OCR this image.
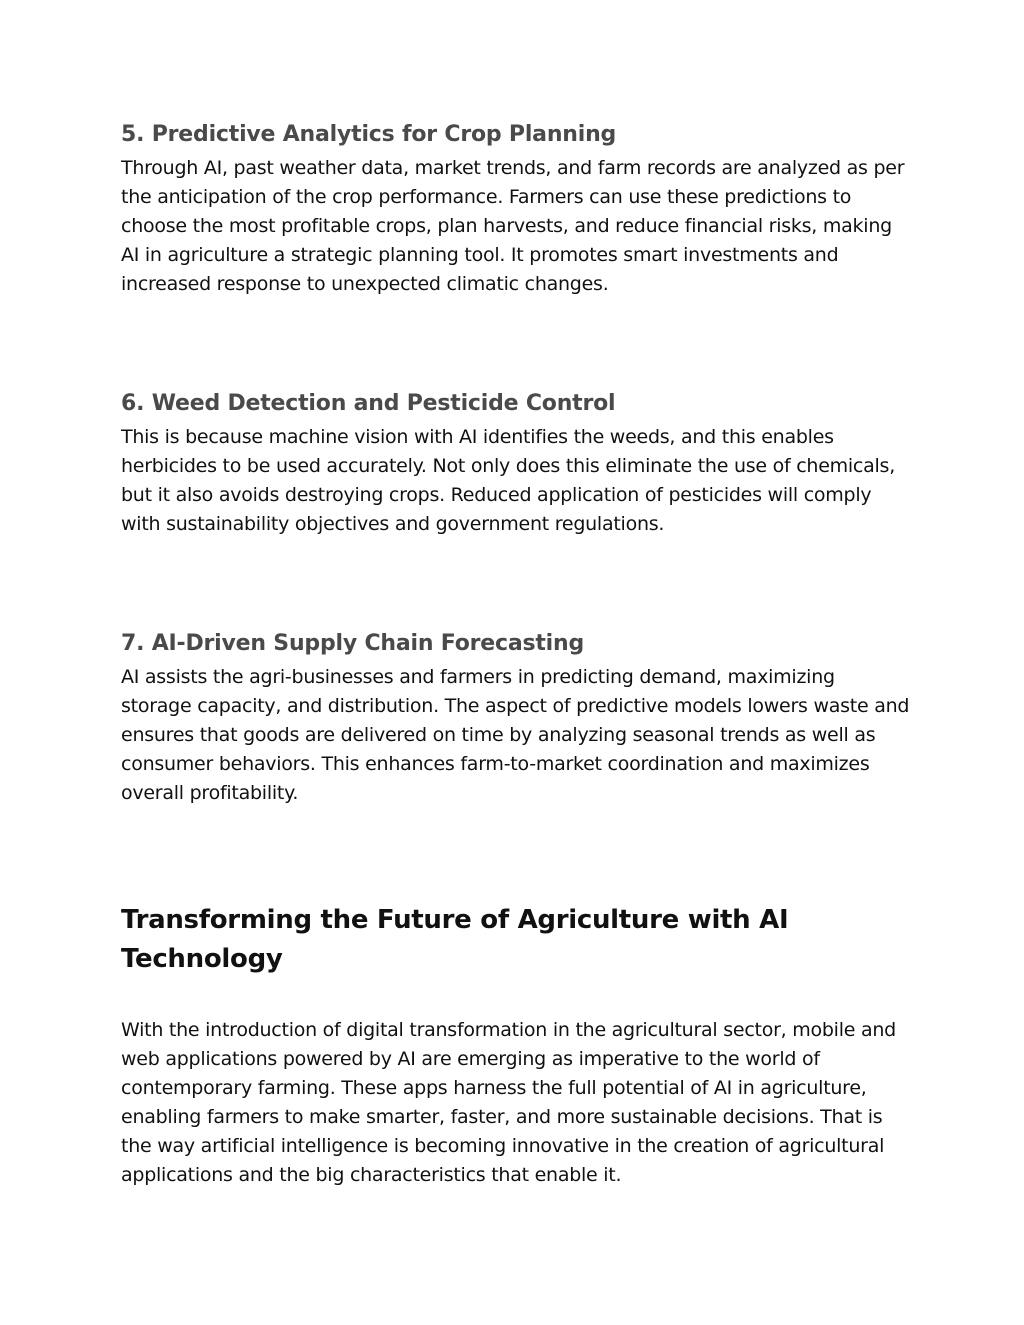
5. Predictive Analytics for Crop Planning

Through AI, past weather data, market trends, and farm records are analyzed as per the anticipation of the crop performance. Farmers can use these predictions to choose the most profitable crops, plan harvests, and reduce financial risks, making AI in agriculture a strategic planning tool. It promotes smart investments and increased response to unexpected climatic changes.

6. Weed Detection and Pesticide Control

This is because machine vision with AI identifies the weeds, and this enables herbicides to be used accurately. Not only does this eliminate the use of chemicals, but it also avoids destroying crops. Reduced application of pesticides will comply with sustainability objectives and government regulations.

7. AI-Driven Supply Chain Forecasting

AI assists the agri-businesses and farmers in predicting demand, maximizing storage capacity, and distribution. The aspect of predictive models lowers waste and ensures that goods are delivered on time by analyzing seasonal trends as well as consumer behaviors. This enhances farm-to-market coordination and maximizes overall profitability.

Transforming the Future of Agriculture with AI Technology

With the introduction of digital transformation in the agricultural sector, mobile and web applications powered by AI are emerging as imperative to the world of contemporary farming. These apps harness the full potential of AI in agriculture, enabling farmers to make smarter, faster, and more sustainable decisions. That is the way artificial intelligence is becoming innovative in the creation of agricultural applications and the big characteristics that enable it.
